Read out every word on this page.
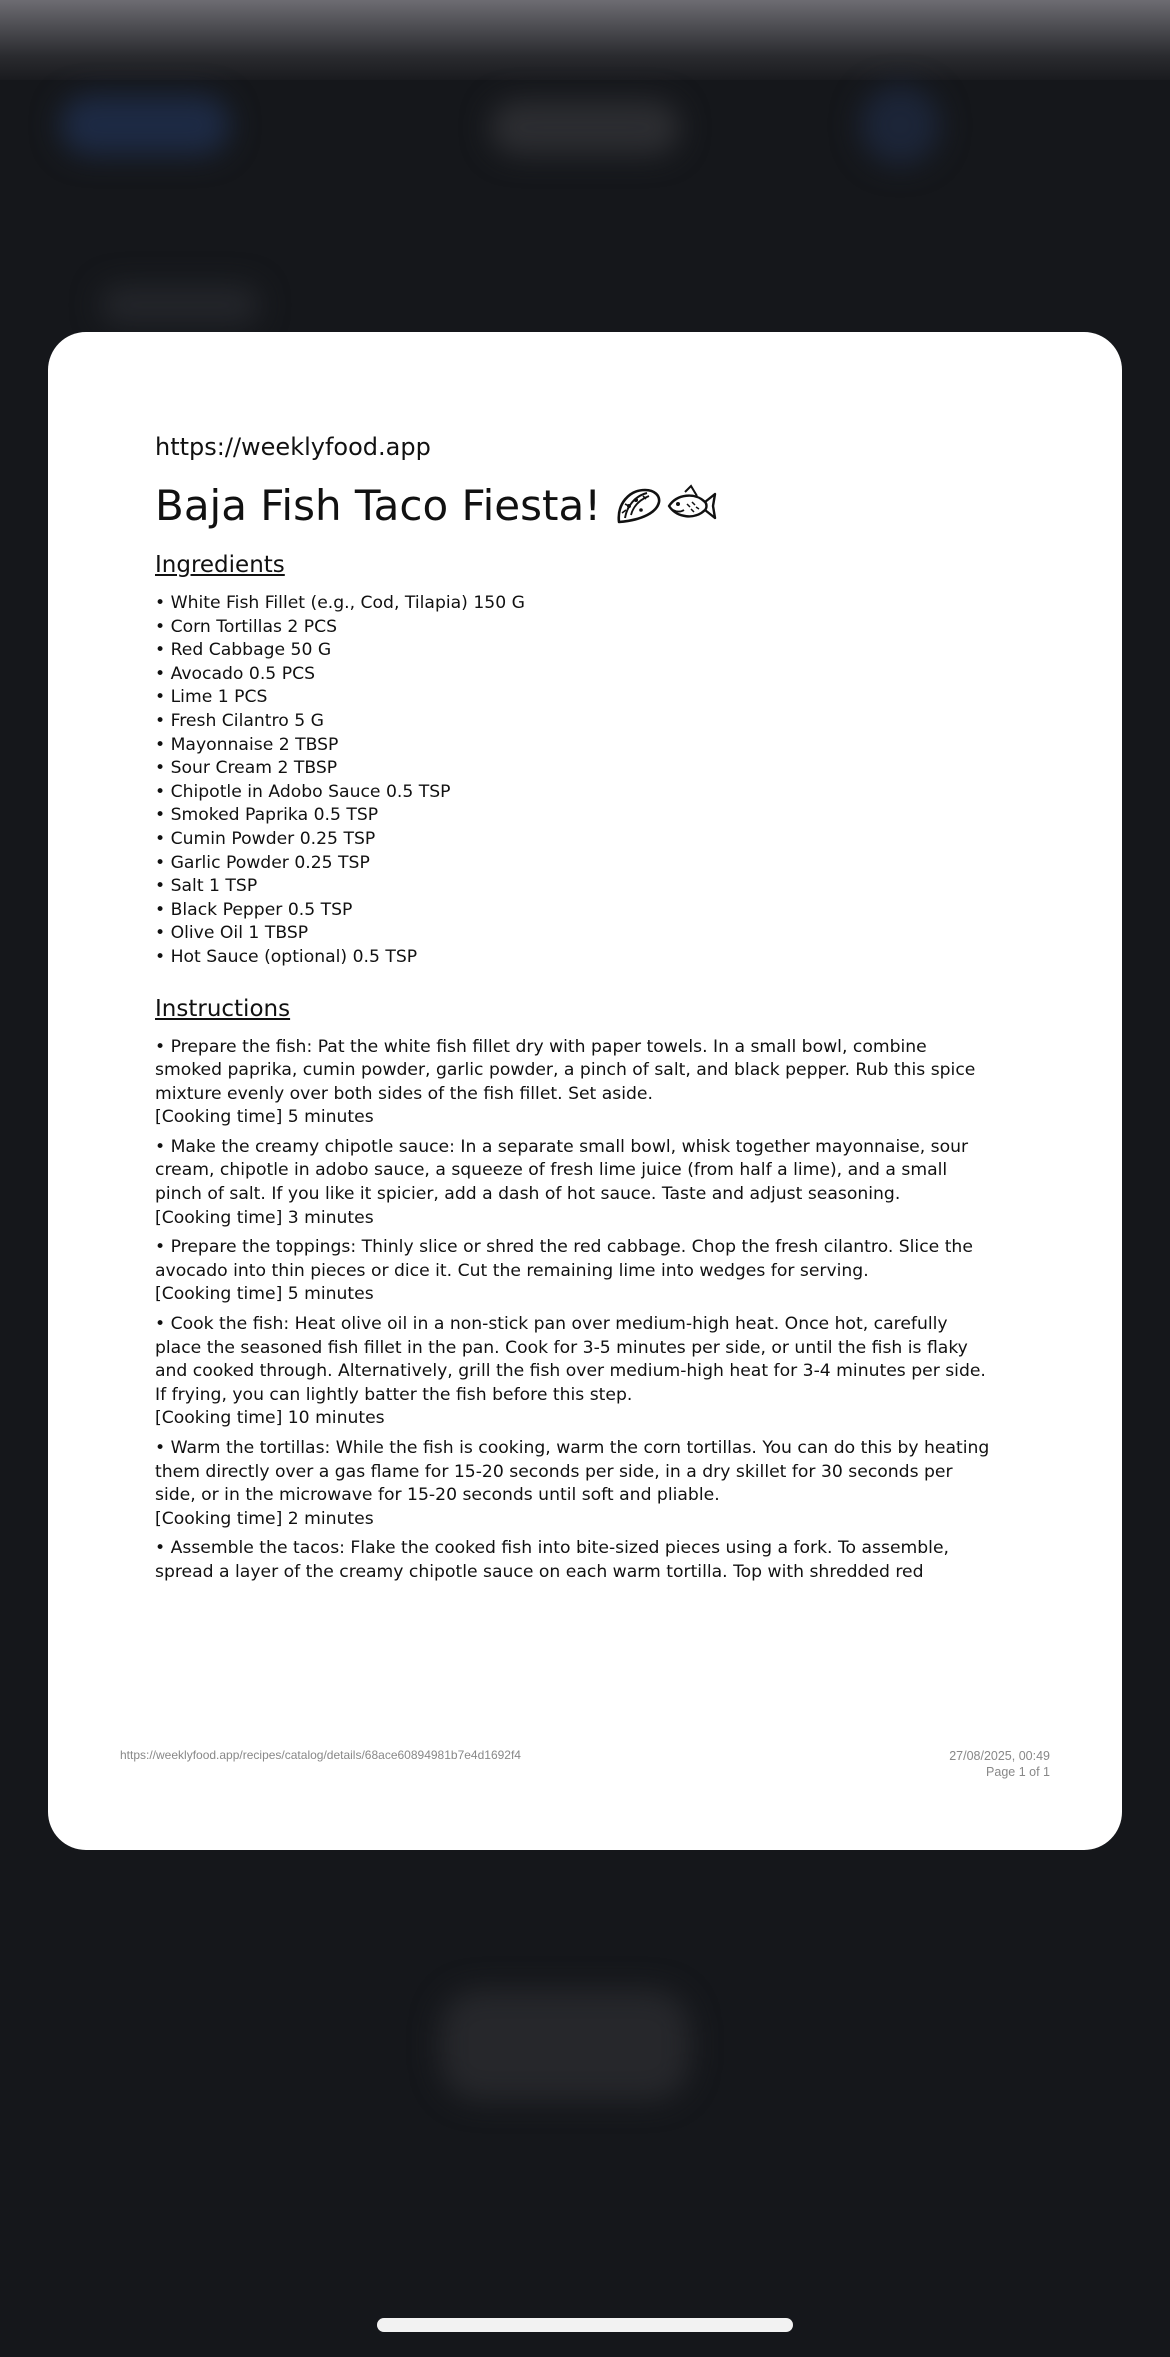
https://weeklyfood.app
Baja Fish Taco Fiesta!
Ingredients
• White Fish Fillet (e.g., Cod, Tilapia) 150 G
• Corn Tortillas 2 PCS
• Red Cabbage 50 G
• Avocado 0.5 PCS
• Lime 1 PCS
• Fresh Cilantro 5 G
• Mayonnaise 2 TBSP
• Sour Cream 2 TBSP
• Chipotle in Adobo Sauce 0.5 TSP
• Smoked Paprika 0.5 TSP
• Cumin Powder 0.25 TSP
• Garlic Powder 0.25 TSP
• Salt 1 TSP
• Black Pepper 0.5 TSP
• Olive Oil 1 TBSP
• Hot Sauce (optional) 0.5 TSP
Instructions
• Prepare the fish: Pat the white fish fillet dry with paper towels. In a small bowl, combine smoked paprika, cumin powder, garlic powder, a pinch of salt, and black pepper. Rub this spice mixture evenly over both sides of the fish fillet. Set aside.
[Cooking time] 5 minutes
• Make the creamy chipotle sauce: In a separate small bowl, whisk together mayonnaise, sour cream, chipotle in adobo sauce, a squeeze of fresh lime juice (from half a lime), and a small pinch of salt. If you like it spicier, add a dash of hot sauce. Taste and adjust seasoning.
[Cooking time] 3 minutes
• Prepare the toppings: Thinly slice or shred the red cabbage. Chop the fresh cilantro. Slice the avocado into thin pieces or dice it. Cut the remaining lime into wedges for serving.
[Cooking time] 5 minutes
• Cook the fish: Heat olive oil in a non-stick pan over medium-high heat. Once hot, carefully place the seasoned fish fillet in the pan. Cook for 3-5 minutes per side, or until the fish is flaky and cooked through. Alternatively, grill the fish over medium-high heat for 3-4 minutes per side. If frying, you can lightly batter the fish before this step.
[Cooking time] 10 minutes
• Warm the tortillas: While the fish is cooking, warm the corn tortillas. You can do this by heating them directly over a gas flame for 15-20 seconds per side, in a dry skillet for 30 seconds per side, or in the microwave for 15-20 seconds until soft and pliable.
[Cooking time] 2 minutes
• Assemble the tacos: Flake the cooked fish into bite-sized pieces using a fork. To assemble, spread a layer of the creamy chipotle sauce on each warm tortilla. Top with shredded red
https://weeklyfood.app/recipes/catalog/details/68ace60894981b7e4d1692f4	27/08/2025, 00:49
Page 1 of 1
